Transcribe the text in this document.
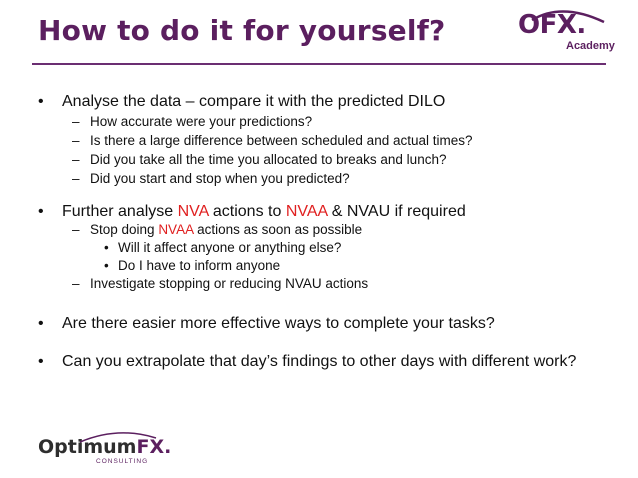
How to do it for yourself?	OFX.
Academy
• Analyse the data – compare it with the predicted DILO
– How accurate were your predictions?
– Is there a large difference between scheduled and actual times?
– Did you take all the time you allocated to breaks and lunch?
– Did you start and stop when you predicted?
• Further analyse NVA actions to NVAA & NVAU if required
– Stop doing NVAA actions as soon as possible
• Will it affect anyone or anything else?
• Do I have to inform anyone
– Investigate stopping or reducing NVAU actions
• Are there easier more effective ways to complete your tasks?
• Can you extrapolate that day’s findings to other days with different work?
OptimumFX.
CONSULTING
